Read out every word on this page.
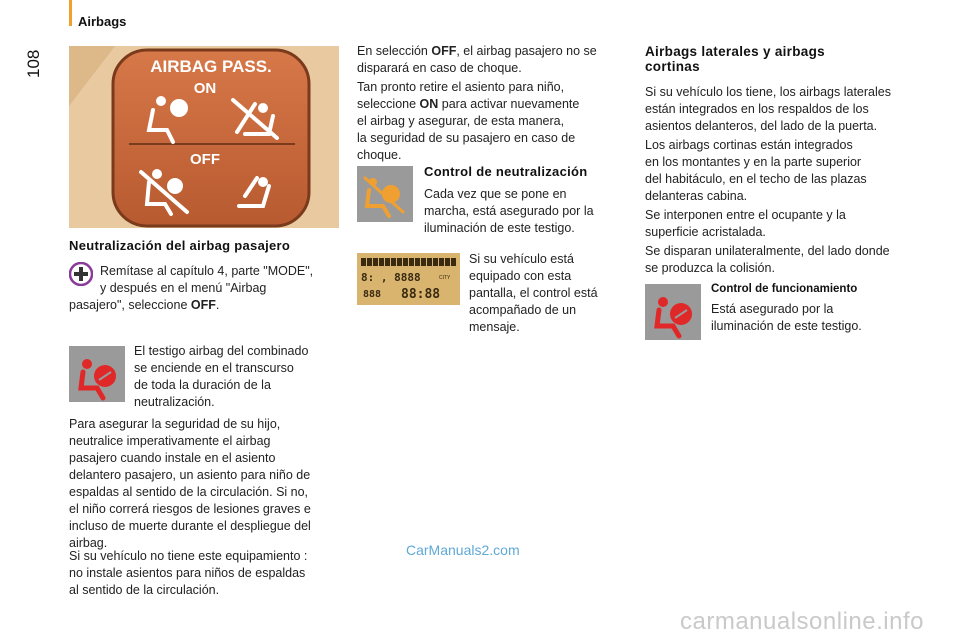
Airbags
108	AIRBAG PASS.
ON
OFF
Neutralización del airbag pasajero

Remítase al capítulo 4, parte "MODE",

y después en el menú "Airbag

pasajero", seleccione OFF.

El testigo airbag del combinado

se enciende en el transcurso

de toda la duración de la

neutralización.

Para asegurar la seguridad de su hijo,

neutralice imperativamente el airbag

pasajero cuando instale en el asiento

delantero pasajero, un asiento para niño de

espaldas al sentido de la circulación. Si no,

el niño correrá riesgos de lesiones graves e

incluso de muerte durante el despliegue del

airbag.

Si su vehículo no tiene este equipamiento :

no instale asientos para niños de espaldas

al sentido de la circulación.

En selección OFF, el airbag pasajero no se

disparará en caso de choque.

Tan pronto retire el asiento para niño,

seleccione ON para activar nuevamente

el airbag y asegurar, de esta manera,

la seguridad de su pasajero en caso de

choque.

Control de neutralización

Cada vez que se pone en

marcha, está asegurado por la

iluminación de este testigo.

8: , 8888	CITY
888 88:88

Si su vehículo está

equipado con esta

pantalla, el control está

acompañado de un

mensaje.

Airbags laterales y airbags
cortinas

Si su vehículo los tiene, los airbags laterales

están integrados en los respaldos de los

asientos delanteros, del lado de la puerta.

Los airbags cortinas están integrados

en los montantes y en la parte superior

del habitáculo, en el techo de las plazas

delanteras cabina.

Se interponen entre el ocupante y la

superficie acristalada.

Se disparan unilateralmente, del lado donde

se produzca la colisión.

Control de funcionamiento

Está asegurado por la

iluminación de este testigo.

CarManuals2.com
carmanualsonline.info
